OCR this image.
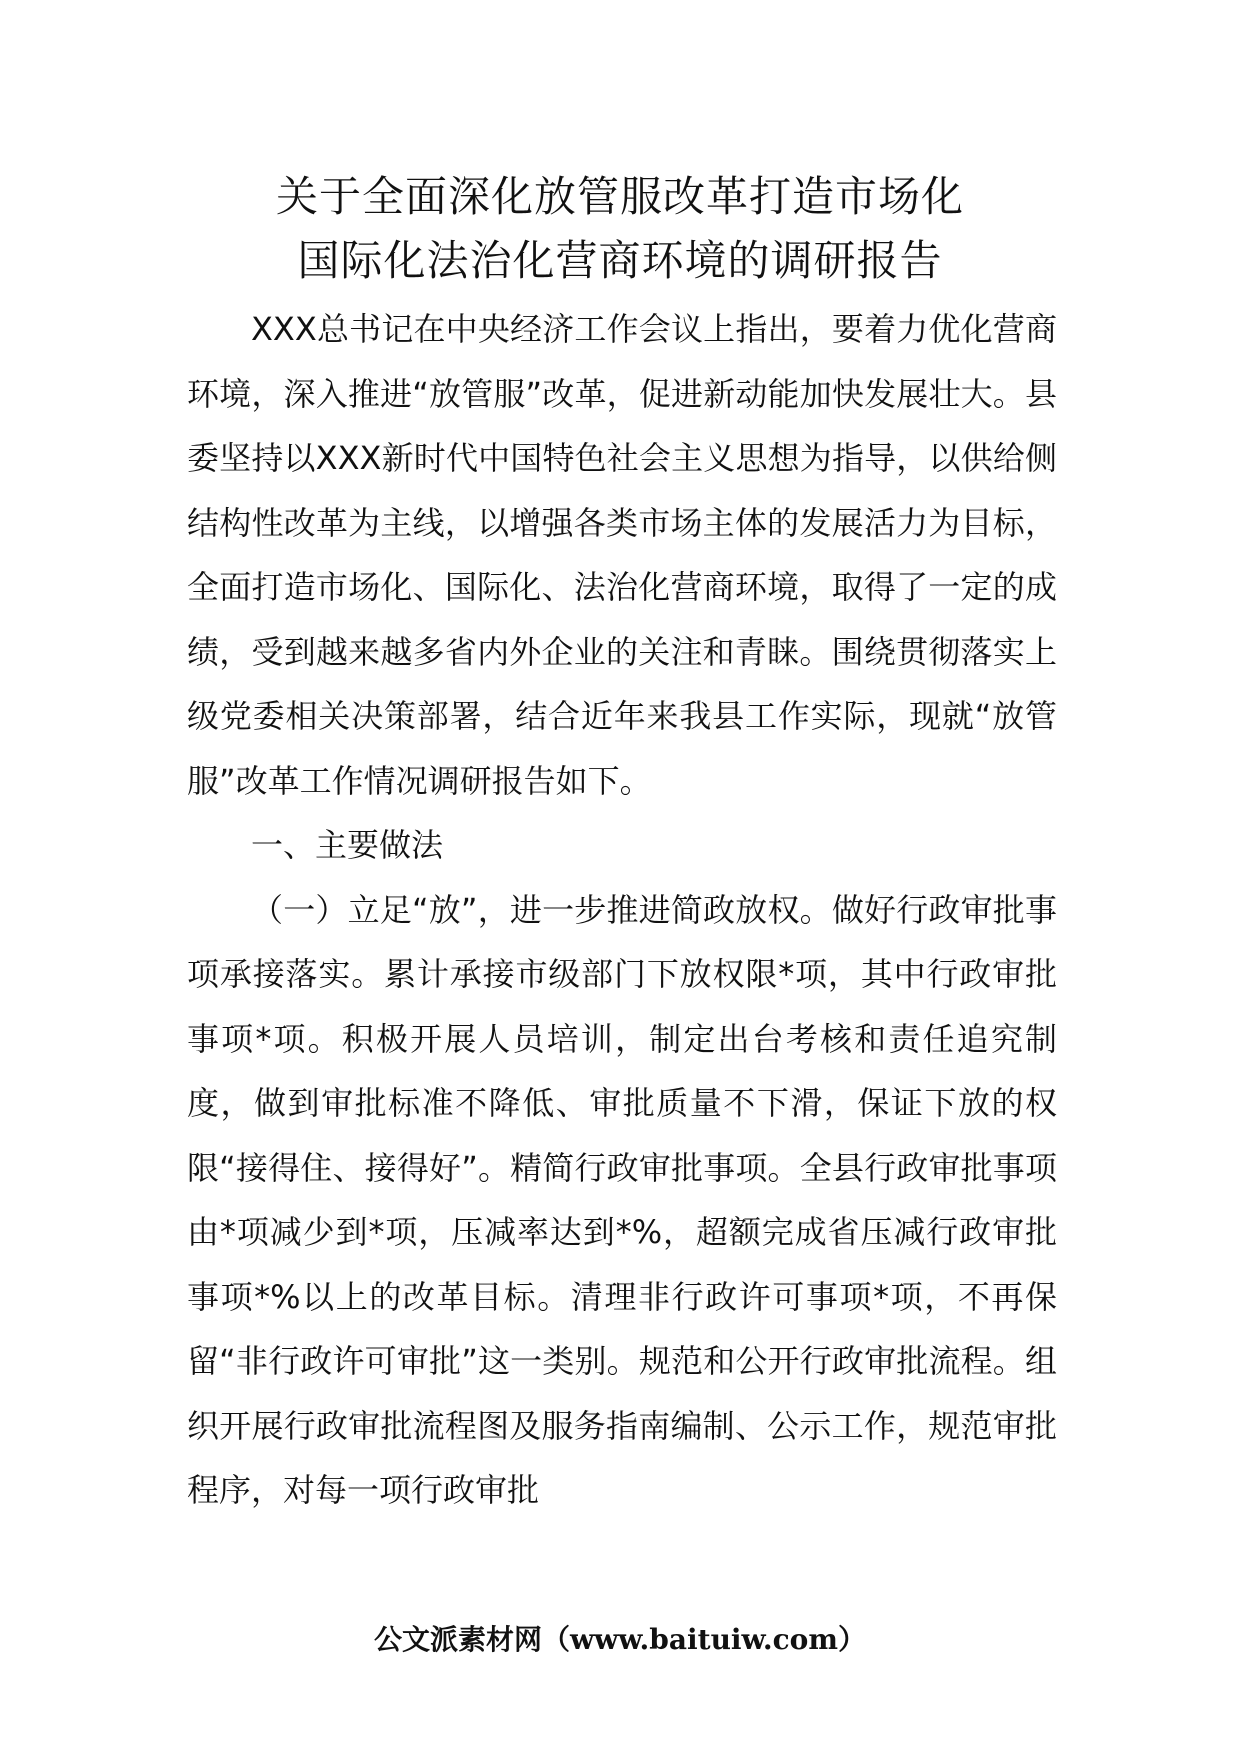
关于全面深化放管服改革打造市场化
国际化法治化营商环境的调研报告

XXX总书记在中央经济工作会议上指出，要着力优化营商环境，深入推进“放管服”改革，促进新动能加快发展壮大。县委坚持以XXX新时代中国特色社会主义思想为指导，以供给侧结构性改革为主线，以增强各类市场主体的发展活力为目标，全面打造市场化、国际化、法治化营商环境，取得了一定的成绩，受到越来越多省内外企业的关注和青睐。围绕贯彻落实上级党委相关决策部署，结合近年来我县工作实际，现就“放管服”改革工作情况调研报告如下。

一、主要做法

（一）立足“放”，进一步推进简政放权。做好行政审批事项承接落实。累计承接市级部门下放权限*项，其中行政审批事项*项。积极开展人员培训，制定出台考核和责任追究制度，做到审批标准不降低、审批质量不下滑，保证下放的权限“接得住、接得好”。精简行政审批事项。全县行政审批事项由*项减少到*项，压减率达到*%，超额完成省压减行政审批事项*%以上的改革目标。清理非行政许可事项*项，不再保留“非行政许可审批”这一类别。规范和公开行政审批流程。组织开展行政审批流程图及服务指南编制、公示工作，规范审批程序，对每一项行政审批

公文派素材网（www.baituiw.com）
